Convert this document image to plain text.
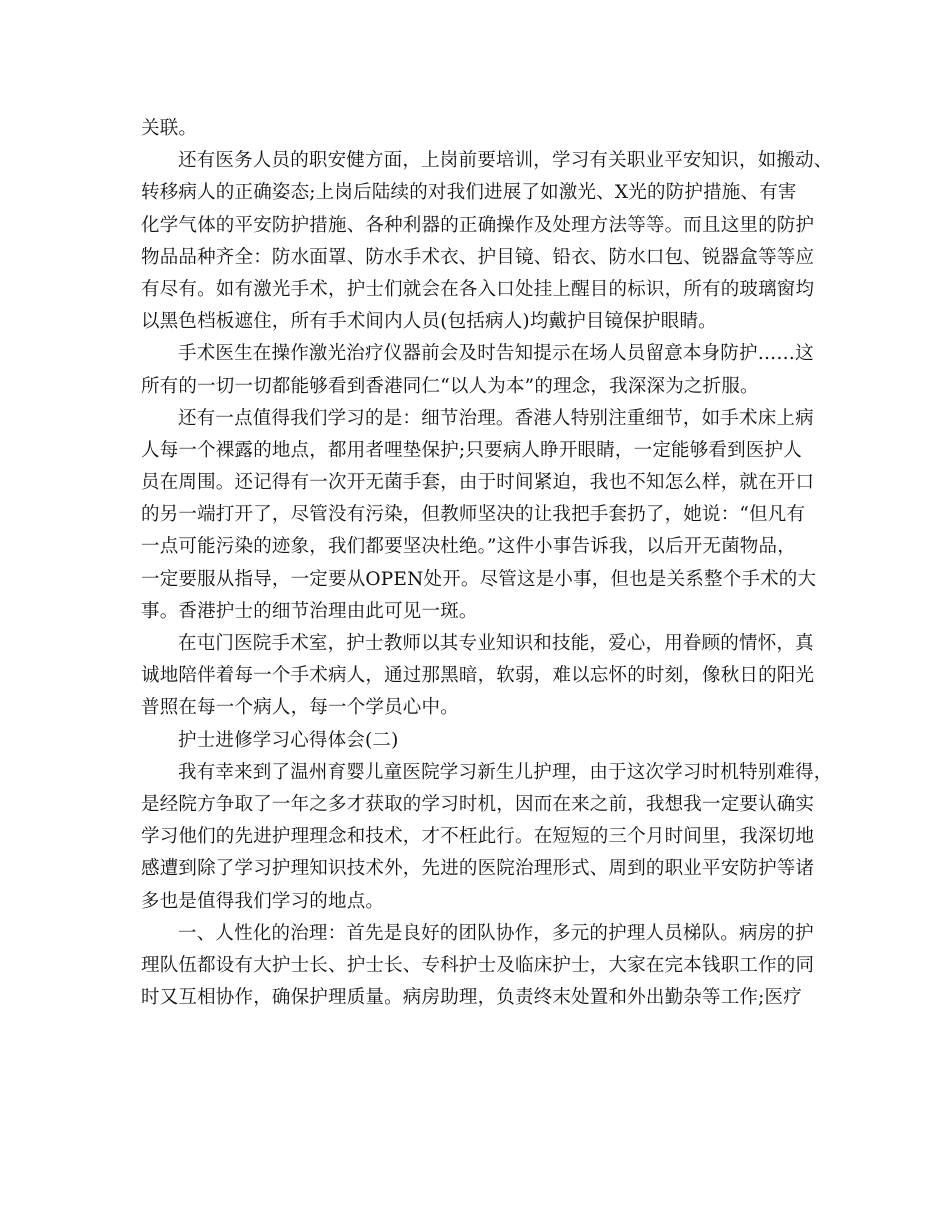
关联。
还有医务人员的职安健方面，上岗前要培训，学习有关职业平安知识，如搬动、
转移病人的正确姿态;上岗后陆续的对我们进展了如激光、X光的防护措施、有害
化学气体的平安防护措施、各种利器的正确操作及处理方法等等。而且这里的防护
物品品种齐全：防水面罩、防水手术衣、护目镜、铅衣、防水口包、锐器盒等等应
有尽有。如有激光手术，护士们就会在各入口处挂上醒目的标识，所有的玻璃窗均
以黑色档板遮住，所有手术间内人员(包括病人)均戴护目镜保护眼睛。
手术医生在操作激光治疗仪器前会及时告知提示在场人员留意本身防护……这
所有的一切一切都能够看到香港同仁“以人为本”的理念，我深深为之折服。
还有一点值得我们学习的是：细节治理。香港人特别注重细节，如手术床上病
人每一个裸露的地点，都用者哩垫保护;只要病人睁开眼睛，一定能够看到医护人
员在周围。还记得有一次开无菌手套，由于时间紧迫，我也不知怎么样，就在开口
的另一端打开了，尽管没有污染，但教师坚决的让我把手套扔了，她说：“但凡有
一点可能污染的迹象，我们都要坚决杜绝。”这件小事告诉我，以后开无菌物品，
一定要服从指导，一定要从OPEN处开。尽管这是小事，但也是关系整个手术的大
事。香港护士的细节治理由此可见一斑。
在屯门医院手术室，护士教师以其专业知识和技能，爱心，用眷顾的情怀，真
诚地陪伴着每一个手术病人，通过那黑暗，软弱，难以忘怀的时刻，像秋日的阳光
普照在每一个病人，每一个学员心中。
护士进修学习心得体会(二)
我有幸来到了温州育婴儿童医院学习新生儿护理，由于这次学习时机特别难得，
是经院方争取了一年之多才获取的学习时机，因而在来之前，我想我一定要认确实
学习他们的先进护理理念和技术，才不枉此行。在短短的三个月时间里，我深切地
感遭到除了学习护理知识技术外，先进的医院治理形式、周到的职业平安防护等诸
多也是值得我们学习的地点。
一、人性化的治理：首先是良好的团队协作，多元的护理人员梯队。病房的护
理队伍都设有大护士长、护士长、专科护士及临床护士，大家在完本钱职工作的同
时又互相协作，确保护理质量。病房助理，负责终末处置和外出勤杂等工作;医疗
